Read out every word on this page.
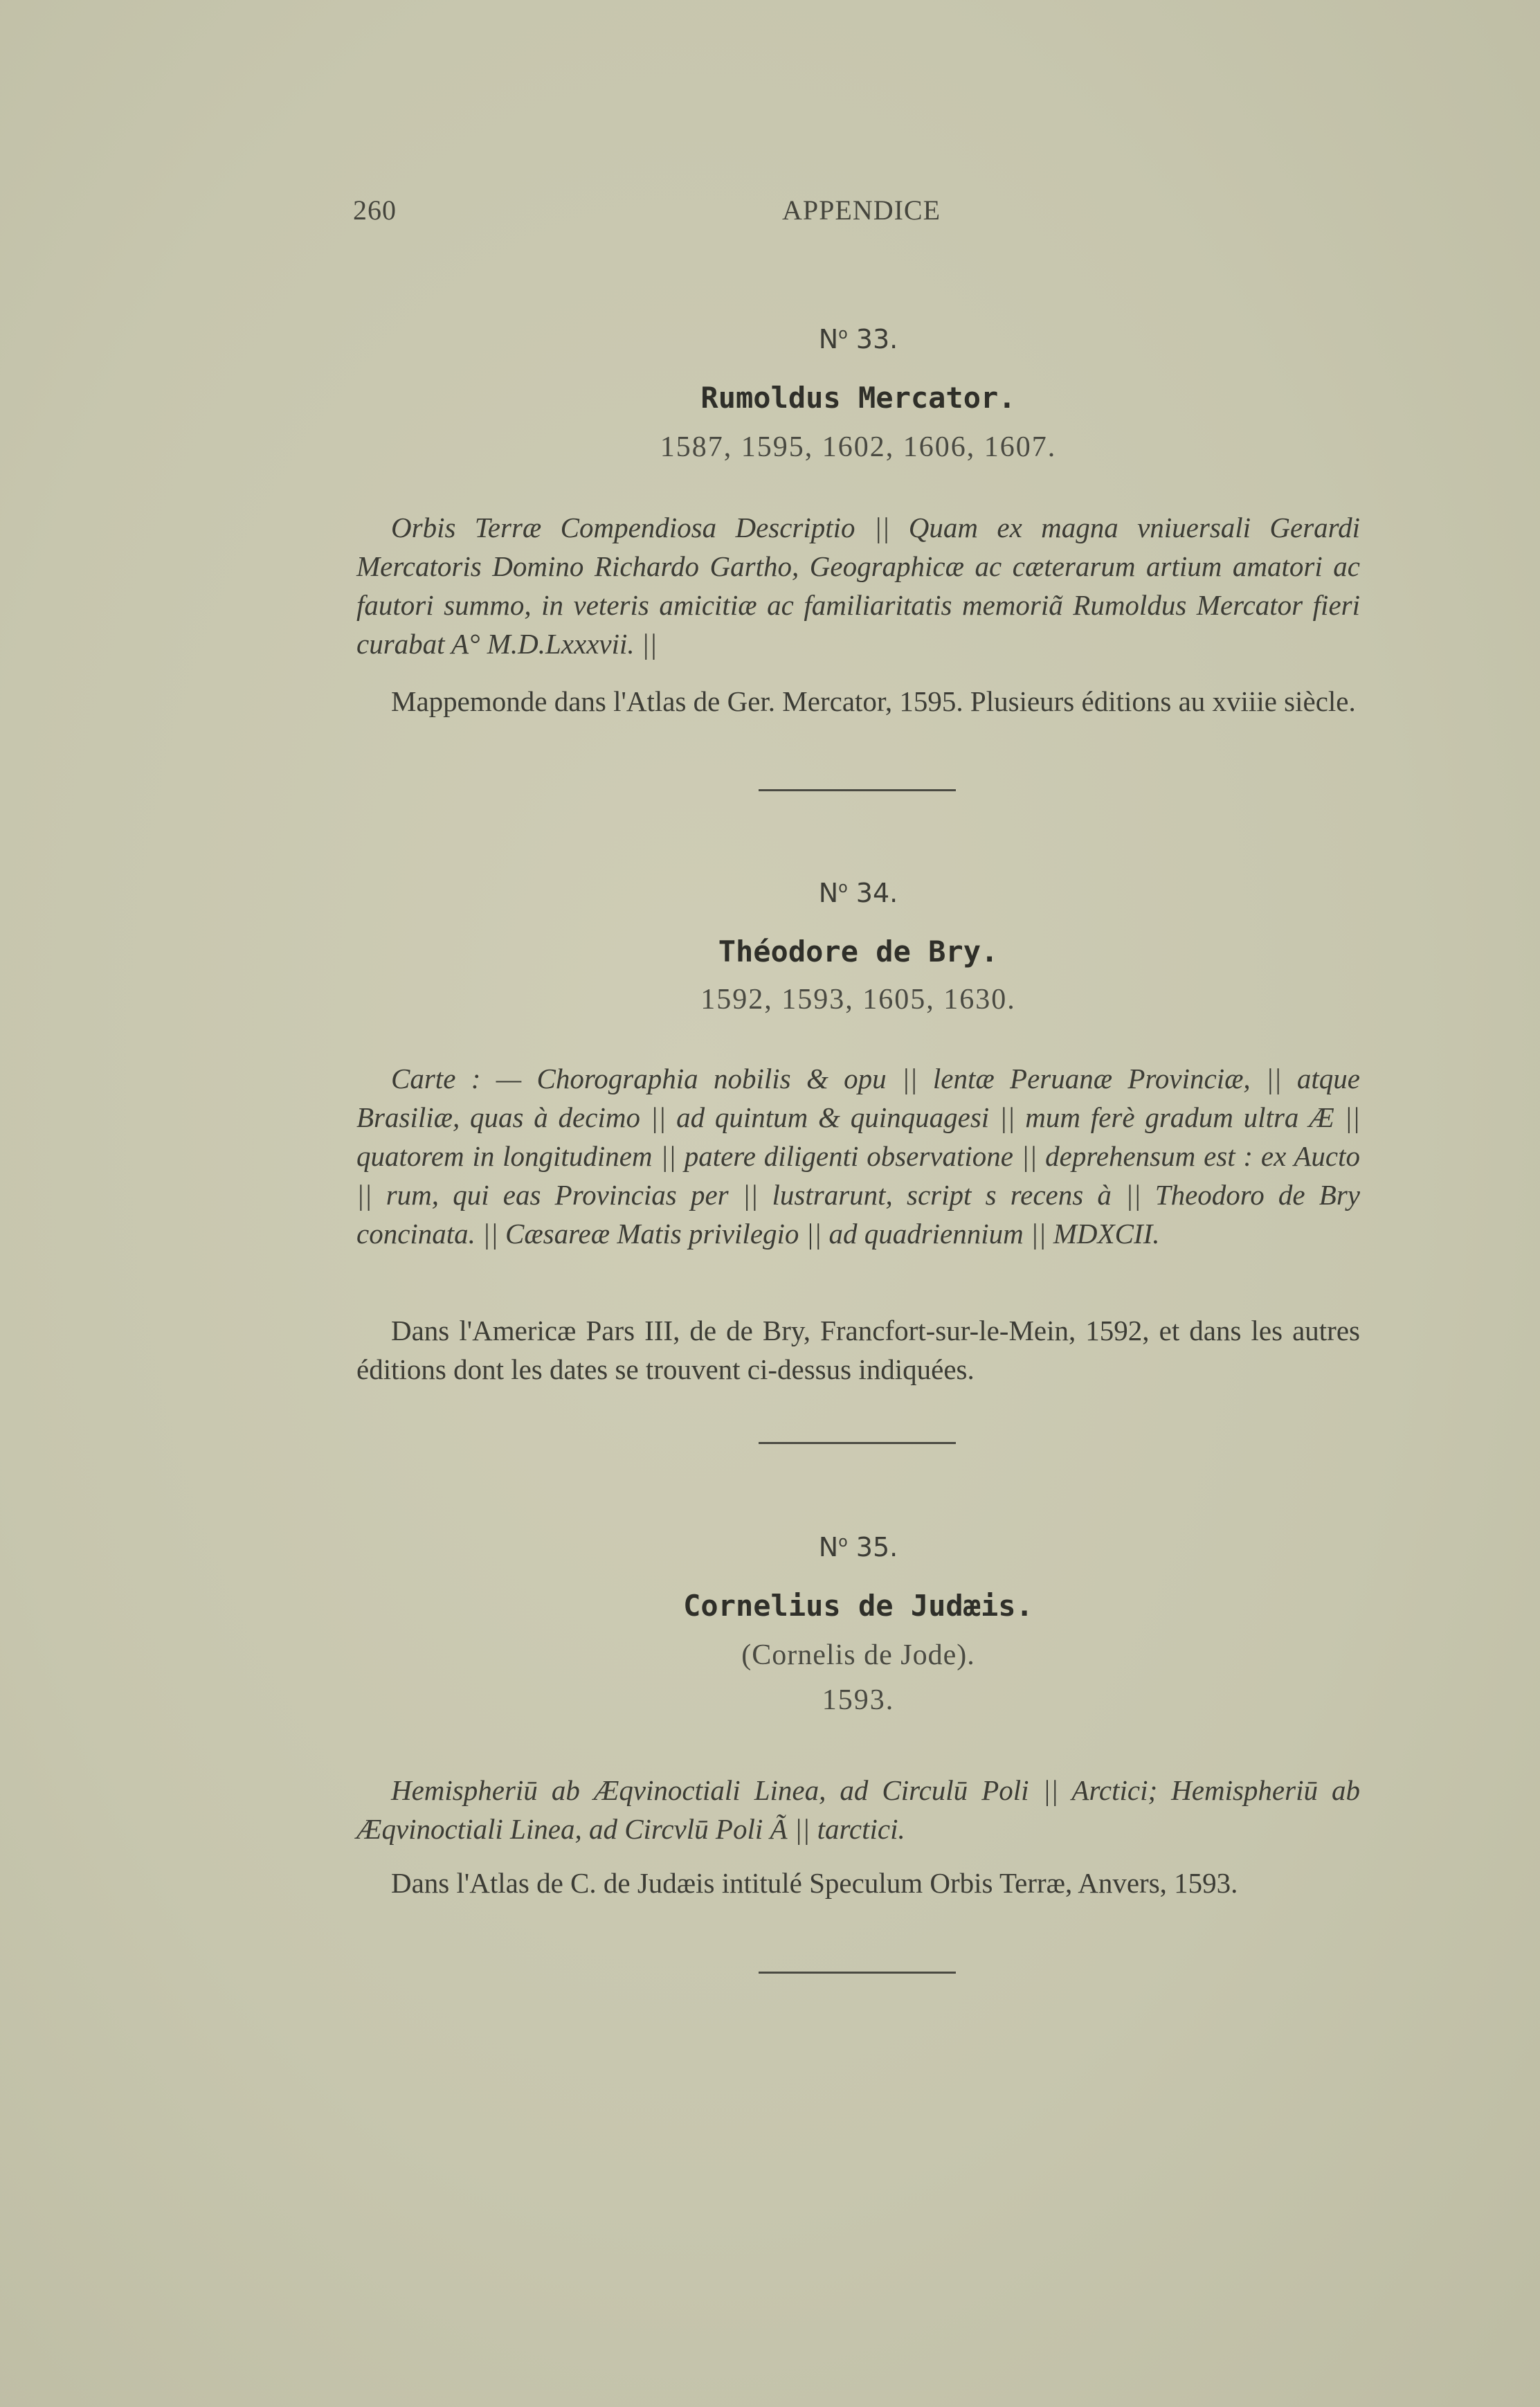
260	APPENDICE
$N^o$ 33.
Rumoldus Mercator.
1587, 1595, 1602, 1606, 1607.
Orbis Terræ Compendiosa Descriptio || Quam ex magna vniuersali Gerardi Mercatoris Domino Richardo Gartho, Geographicæ ac cæterarum artium amatori ac fautori summo, in veteris amicitiæ ac familiaritatis memoriã Rumoldus Mercator fieri curabat A° M.D.Lxxxvii. ||
Mappemonde dans l'Atlas de Ger. Mercator, 1595. Plusieurs éditions au xviiie siècle.
$N^o$ 34.
Théodore de Bry.
1592, 1593, 1605, 1630.
Carte : — Chorographia nobilis & opu || lentæ Peruanæ Provinciæ, || atque Brasiliæ, quas à decimo || ad quintum & quinquagesi || mum ferè gradum ultra Æ || quatorem in longitudinem || patere diligenti observatione || deprehensum est : ex Aucto || rum, qui eas Provincias per || lustrarunt, script s recens à || Theodoro de Bry concinata. || Cæsareæ Matis privilegio || ad quadriennium || MDXCII.
Dans l'Americæ Pars III, de de Bry, Francfort-sur-le-Mein, 1592, et dans les autres éditions dont les dates se trouvent ci-dessus indiquées.
$N^o$ 35.
Cornelius de Judæis.
(Cornelis de Jode).
1593.
Hemispheriū ab Æqvinoctiali Linea, ad Circulū Poli || Arctici; Hemispheriū ab Æqvinoctiali Linea, ad Circvlū Poli Ã || tarctici.
Dans l'Atlas de C. de Judæis intitulé Speculum Orbis Terræ, Anvers, 1593.
